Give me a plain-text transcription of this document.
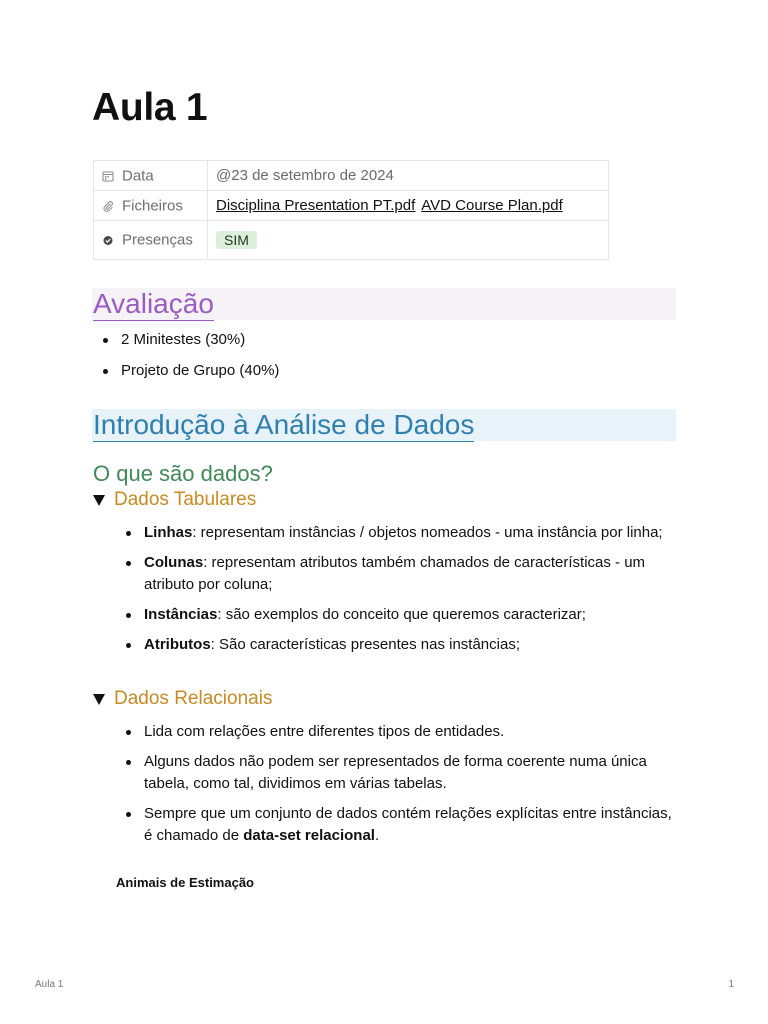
Aula 1
Data	@23 de setembro de 2024
Ficheiros	Disciplina Presentation PT.pdf AVD Course Plan.pdf
Presenças	SIM
Avaliação
2 Minitestes (30%)
Projeto de Grupo (40%)
Introdução à Análise de Dados
O que são dados?
Dados Tabulares
Linhas: representam instâncias / objetos nomeados - uma instância por linha;
Colunas: representam atributos também chamados de características - um atributo por coluna;
Instâncias: são exemplos do conceito que queremos caracterizar;
Atributos: São características presentes nas instâncias;
Dados Relacionais
Lida com relações entre diferentes tipos de entidades.
Alguns dados não podem ser representados de forma coerente numa única tabela, como tal, dividimos em várias tabelas.
Sempre que um conjunto de dados contém relações explícitas entre instâncias, é chamado de data-set relacional.
Animais de Estimação
Aula 1	1
